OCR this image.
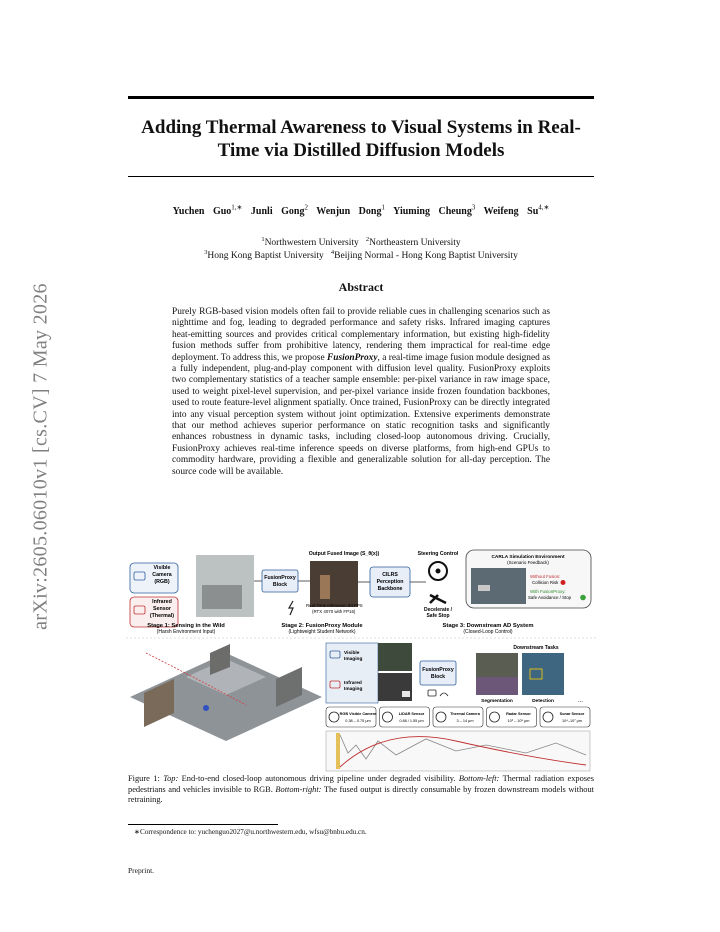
arXiv:2605.06010v1 [cs.CV] 7 May 2026
Adding Thermal Awareness to Visual Systems in Real-Time via Distilled Diffusion Models
Yuchen Guo$^{1,∗}$ Junli Gong$^2$ Wenjun Dong$^1$ Yiuming Cheung$^3$ Weifeng $Su^{4,∗}$
$^1$Northwestern University $^2$Northeastern University
$^3$Hong Kong Baptist University $^4$Beijing Normal - Hong Kong Baptist University
Abstract
Purely RGB-based vision models often fail to provide reliable cues in challenging scenarios such as nighttime and fog, leading to degraded performance and safety risks. Infrared imaging captures heat-emitting sources and provides critical complementary information, but existing high-fidelity fusion methods suffer from prohibitive latency, rendering them impractical for real-time edge deployment. To address this, we propose FusionProxy, a real-time image fusion module designed as a fully independent, plug-and-play component with diffusion level quality. FusionProxy exploits two complementary statistics of a teacher sample ensemble: per-pixel variance in raw image space, used to weight pixel-level supervision, and per-pixel variance inside frozen foundation backbones, used to route feature-level alignment spatially. Once trained, FusionProxy can be directly integrated into any visual perception system without joint optimization. Extensive experiments demonstrate that our method achieves superior performance on static recognition tasks and significantly enhances robustness in dynamic tasks, including closed-loop autonomous driving. Crucially, FusionProxy achieves real-time inference speeds on diverse platforms, from high-end GPUs to commodity hardware, providing a flexible and generalizable solution for all-day perception. The source code will be available.
Visible
Camera
(RGB)
Infrared
Sensor
(Thermal)
FusionProxy
Block
Output Fused Image (S_θ(x))
Real-Time Inference: 84 FPS
(RTX 4070 with FP16)
CILRS
Perception
Backbone
Steering Control
Decelerate /
Safe Stop
CARLA Simulation Environment
(Scenario Feedback)
Without Fusion:
Collision Risk
With FusionProxy:
Safe Avoidance / Stop
Stage 1: Sensing in the Wild
(Harsh Environment Input)
Stage 2: FusionProxy Module
(Lightweight Student Network)
Stage 3: Downstream AD System
(Closed-Loop Control)
Visible
Imaging
Infrared
Imaging
FusionProxy
Block
Downstream Tasks
Segmentation	Detection	...
RGB Visible Camera
0.38 – 0.75 μm
LiDAR Sensor
0.88 / 1.55 μm
Thermal Camera
3 – 14 μm
Radar Sensor
10³ – 10⁵ μm
Sonar Sensor
10⁴–10⁷ μm
Figure 1: Top: End-to-end closed-loop autonomous driving pipeline under degraded visibility. Bottom-left: Thermal radiation exposes pedestrians and vehicles invisible to RGB. Bottom-right: The fused output is directly consumable by frozen downstream models without retraining.
∗Correspondence to: yuchenguo2027@u.northwestern.edu, wfsu@bnbu.edu.cn.
Preprint.
